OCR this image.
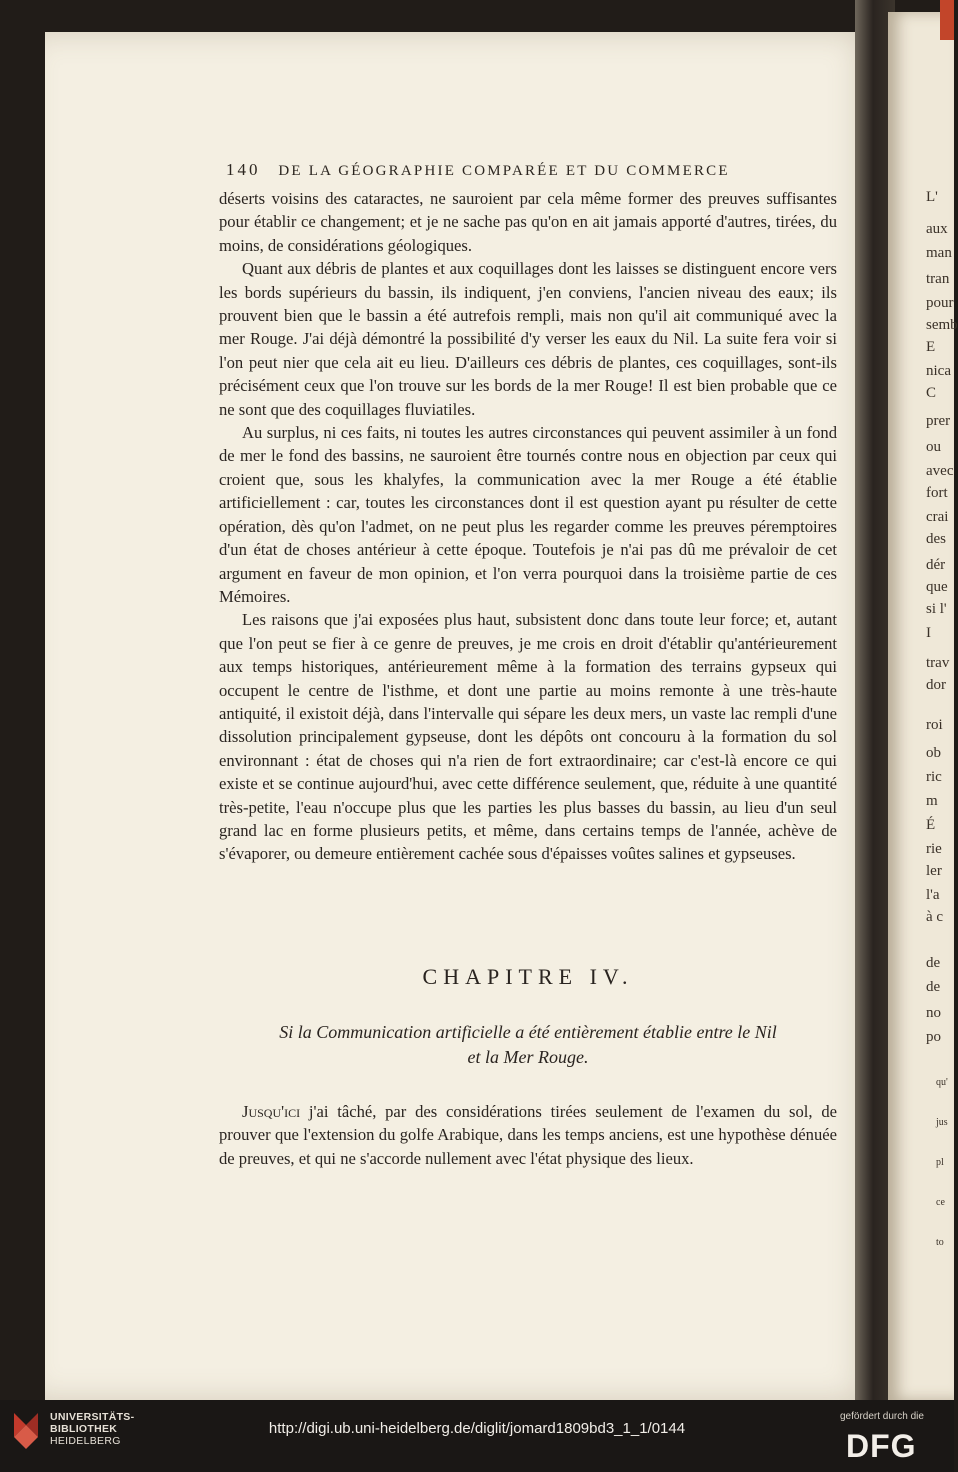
L'
aux
man
tran
pour
semb
E
nica
C
prer
ou
avec
fort
crai
des
dér
que
si l'
I
trav
dor
roi
ob
ric
m
É
rie
ler
l'a
à c
de
de
no
po
qu'
jus
pl
ce
to
140 DE LA GÉOGRAPHIE COMPARÉE ET DU COMMERCE

déserts voisins des cataractes, ne sauroient par cela même former des preuves suffisantes pour établir ce changement; et je ne sache pas qu'on en ait jamais apporté d'autres, tirées, du moins, de considérations géologiques.

Quant aux débris de plantes et aux coquillages dont les laisses se distinguent encore vers les bords supérieurs du bassin, ils indiquent, j'en conviens, l'ancien niveau des eaux; ils prouvent bien que le bassin a été autrefois rempli, mais non qu'il ait communiqué avec la mer Rouge. J'ai déjà démontré la possibilité d'y verser les eaux du Nil. La suite fera voir si l'on peut nier que cela ait eu lieu. D'ailleurs ces débris de plantes, ces coquillages, sont-ils précisément ceux que l'on trouve sur les bords de la mer Rouge! Il est bien probable que ce ne sont que des coquillages fluviatiles.

Au surplus, ni ces faits, ni toutes les autres circonstances qui peuvent assimiler à un fond de mer le fond des bassins, ne sauroient être tournés contre nous en objection par ceux qui croient que, sous les khalyfes, la communication avec la mer Rouge a été établie artificiellement : car, toutes les circonstances dont il est question ayant pu résulter de cette opération, dès qu'on l'admet, on ne peut plus les regarder comme les preuves péremptoires d'un état de choses antérieur à cette époque. Toutefois je n'ai pas dû me prévaloir de cet argument en faveur de mon opinion, et l'on verra pourquoi dans la troisième partie de ces Mémoires.

Les raisons que j'ai exposées plus haut, subsistent donc dans toute leur force; et, autant que l'on peut se fier à ce genre de preuves, je me crois en droit d'établir qu'antérieurement aux temps historiques, antérieurement même à la formation des terrains gypseux qui occupent le centre de l'isthme, et dont une partie au moins remonte à une très-haute antiquité, il existoit déjà, dans l'intervalle qui sépare les deux mers, un vaste lac rempli d'une dissolution principalement gypseuse, dont les dépôts ont concouru à la formation du sol environnant : état de choses qui n'a rien de fort extraordinaire; car c'est-là encore ce qui existe et se continue aujourd'hui, avec cette différence seulement, que, réduite à une quantité très-petite, l'eau n'occupe plus que les parties les plus basses du bassin, au lieu d'un seul grand lac en forme plusieurs petits, et même, dans certains temps de l'année, achève de s'évaporer, ou demeure entièrement cachée sous d'épaisses voûtes salines et gypseuses.

CHAPITRE IV.
Si la Communication artificielle a été entièrement établie entre le Nil
et la Mer Rouge.

Jusqu'ici j'ai tâché, par des considérations tirées seulement de l'examen du sol, de prouver que l'extension du golfe Arabique, dans les temps anciens, est une hypothèse dénuée de preuves, et qui ne s'accorde nullement avec l'état physique des lieux.

UNIVERSITÄTS-
BIBLIOTHEK
HEIDELBERG
http://digi.ub.uni-heidelberg.de/diglit/jomard1809bd3_1_1/0144
gefördert durch die
DFG
